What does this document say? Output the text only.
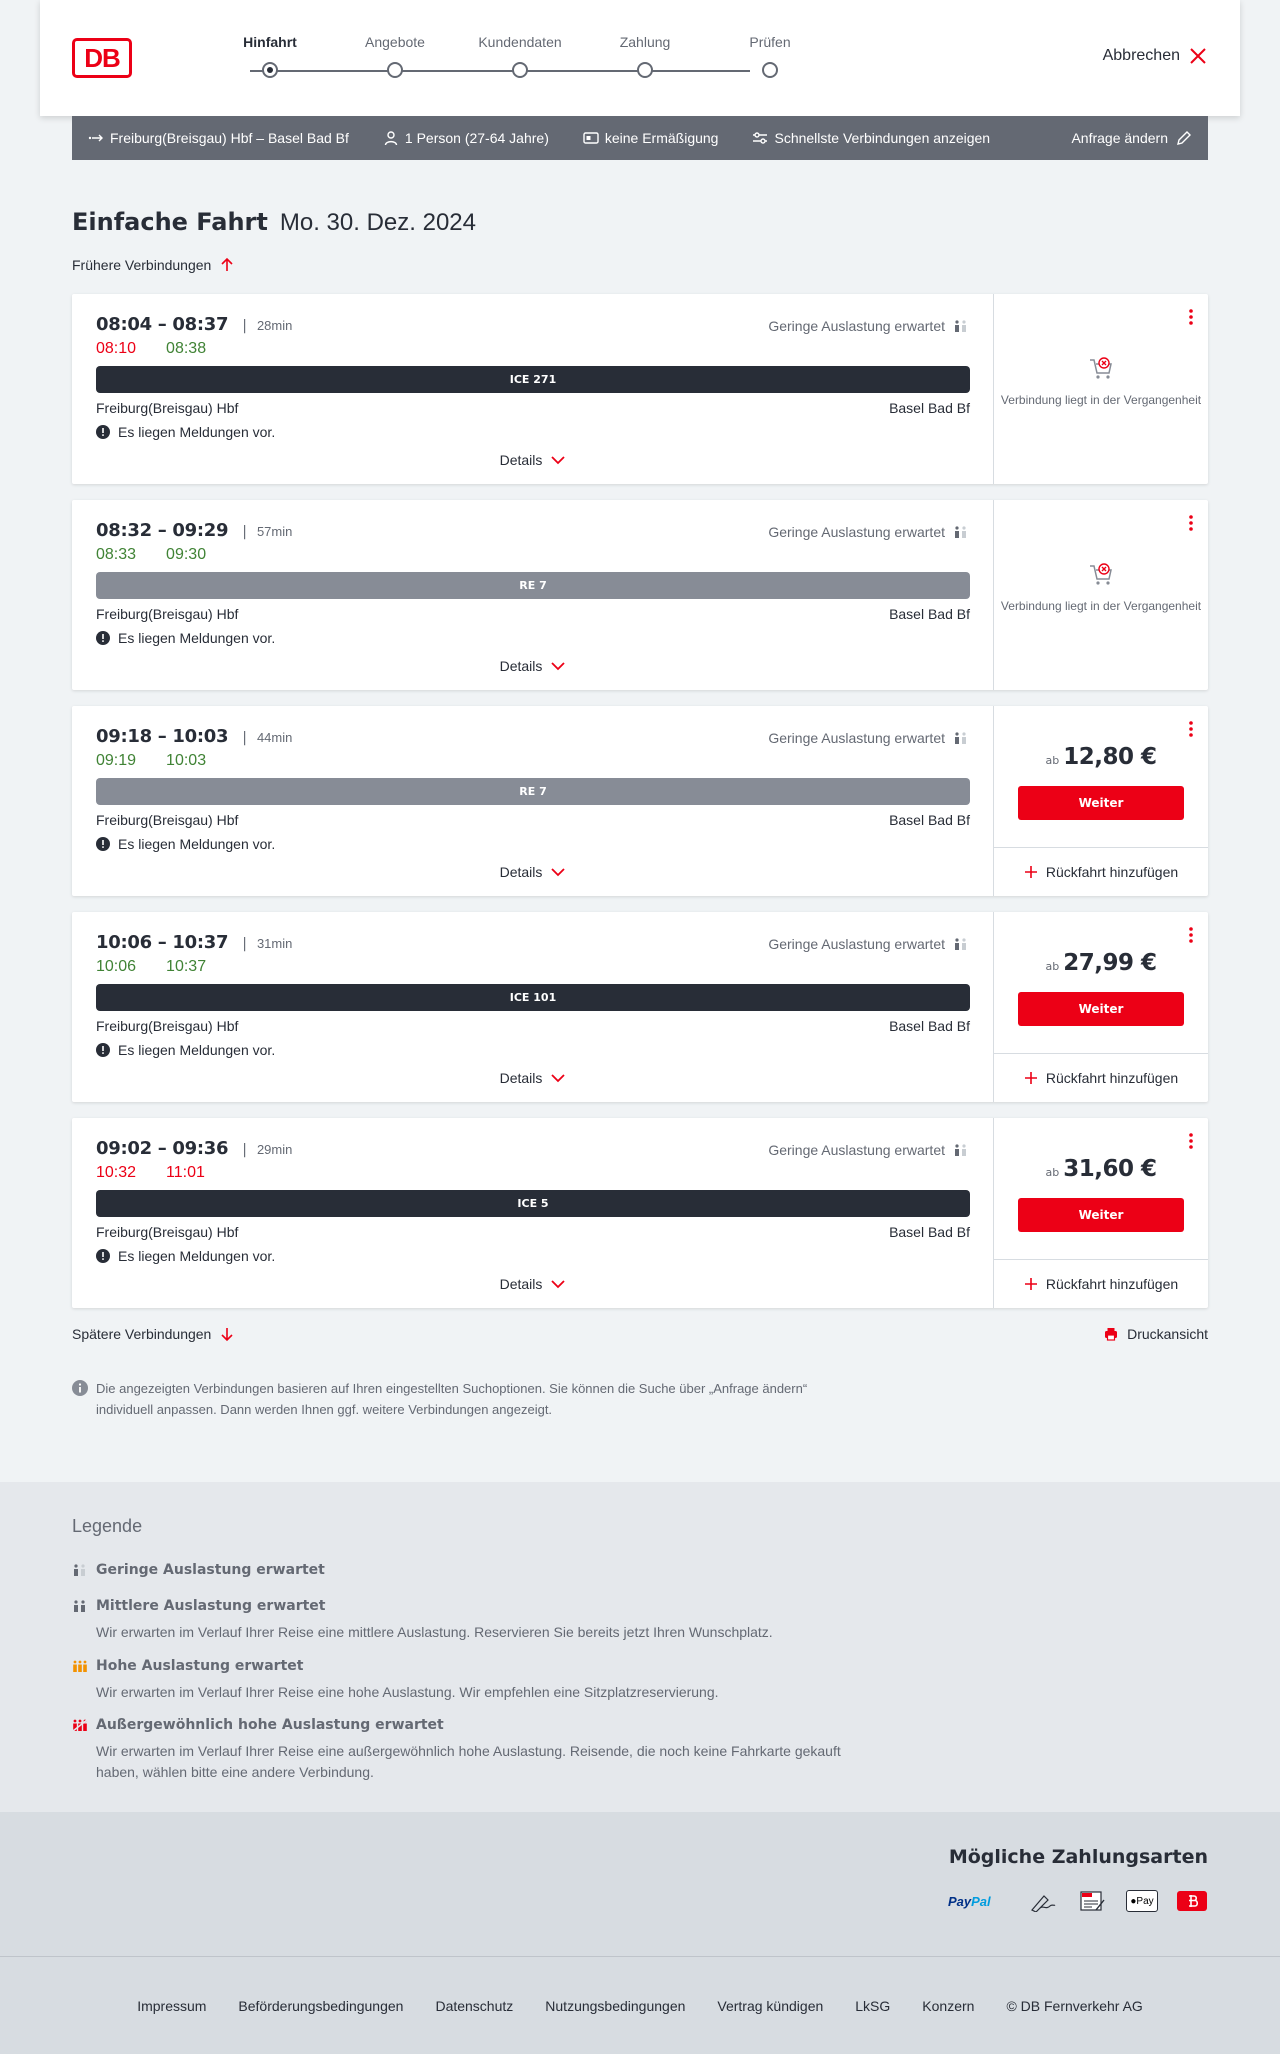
DB
Hinfahrt	Angebote	Kundendaten	Zahlung	Prüfen
Abbrechen
Freiburg(Breisgau) Hbf – Basel Bad Bf	1 Person (27-64 Jahre)	keine Ermäßigung	Schnellste Verbindungen anzeigen	Anfrage ändern
Einfache Fahrt Mo. 30. Dez. 2024
Frühere Verbindungen
08:04 – 08:37 | 28min
08:10 08:38
Geringe Auslastung erwartet
ICE 271
Freiburg(Breisgau) Hbf	Basel Bad Bf
Es liegen Meldungen vor.
Details
Verbindung liegt in der Vergangenheit
08:32 – 09:29 | 57min
08:33 09:30
Geringe Auslastung erwartet
RE 7
Freiburg(Breisgau) Hbf	Basel Bad Bf
Es liegen Meldungen vor.
Details
Verbindung liegt in der Vergangenheit
09:18 – 10:03 | 44min
09:19 10:03
Geringe Auslastung erwartet
RE 7
Freiburg(Breisgau) Hbf	Basel Bad Bf
Es liegen Meldungen vor.
Details
ab 12,80 €
Weiter
Rückfahrt hinzufügen
10:06 – 10:37 | 31min
10:06 10:37
Geringe Auslastung erwartet
ICE 101
Freiburg(Breisgau) Hbf	Basel Bad Bf
Es liegen Meldungen vor.
Details
ab 27,99 €
Weiter
Rückfahrt hinzufügen
09:02 – 09:36 | 29min
10:32 11:01
Geringe Auslastung erwartet
ICE 5
Freiburg(Breisgau) Hbf	Basel Bad Bf
Es liegen Meldungen vor.
Details
ab 31,60 €
Weiter
Rückfahrt hinzufügen
Spätere Verbindungen	Druckansicht
Die angezeigten Verbindungen basieren auf Ihren eingestellten Suchoptionen. Sie können die Suche über „Anfrage ändern“ individuell anpassen. Dann werden Ihnen ggf. weitere Verbindungen angezeigt.
Legende
Geringe Auslastung erwartet
Mittlere Auslastung erwartet
Wir erwarten im Verlauf Ihrer Reise eine mittlere Auslastung. Reservieren Sie bereits jetzt Ihren Wunschplatz.
Hohe Auslastung erwartet
Wir erwarten im Verlauf Ihrer Reise eine hohe Auslastung. Wir empfehlen eine Sitzplatzreservierung.
Außergewöhnlich hohe Auslastung erwartet
Wir erwarten im Verlauf Ihrer Reise eine außergewöhnlich hohe Auslastung. Reisende, die noch keine Fahrkarte gekauft haben, wählen bitte eine andere Verbindung.
Mögliche Zahlungsarten
PayPal	● Pay
Impressum Beförderungsbedingungen Datenschutz Nutzungsbedingungen Vertrag kündigen LkSG Konzern © DB Fernverkehr AG
